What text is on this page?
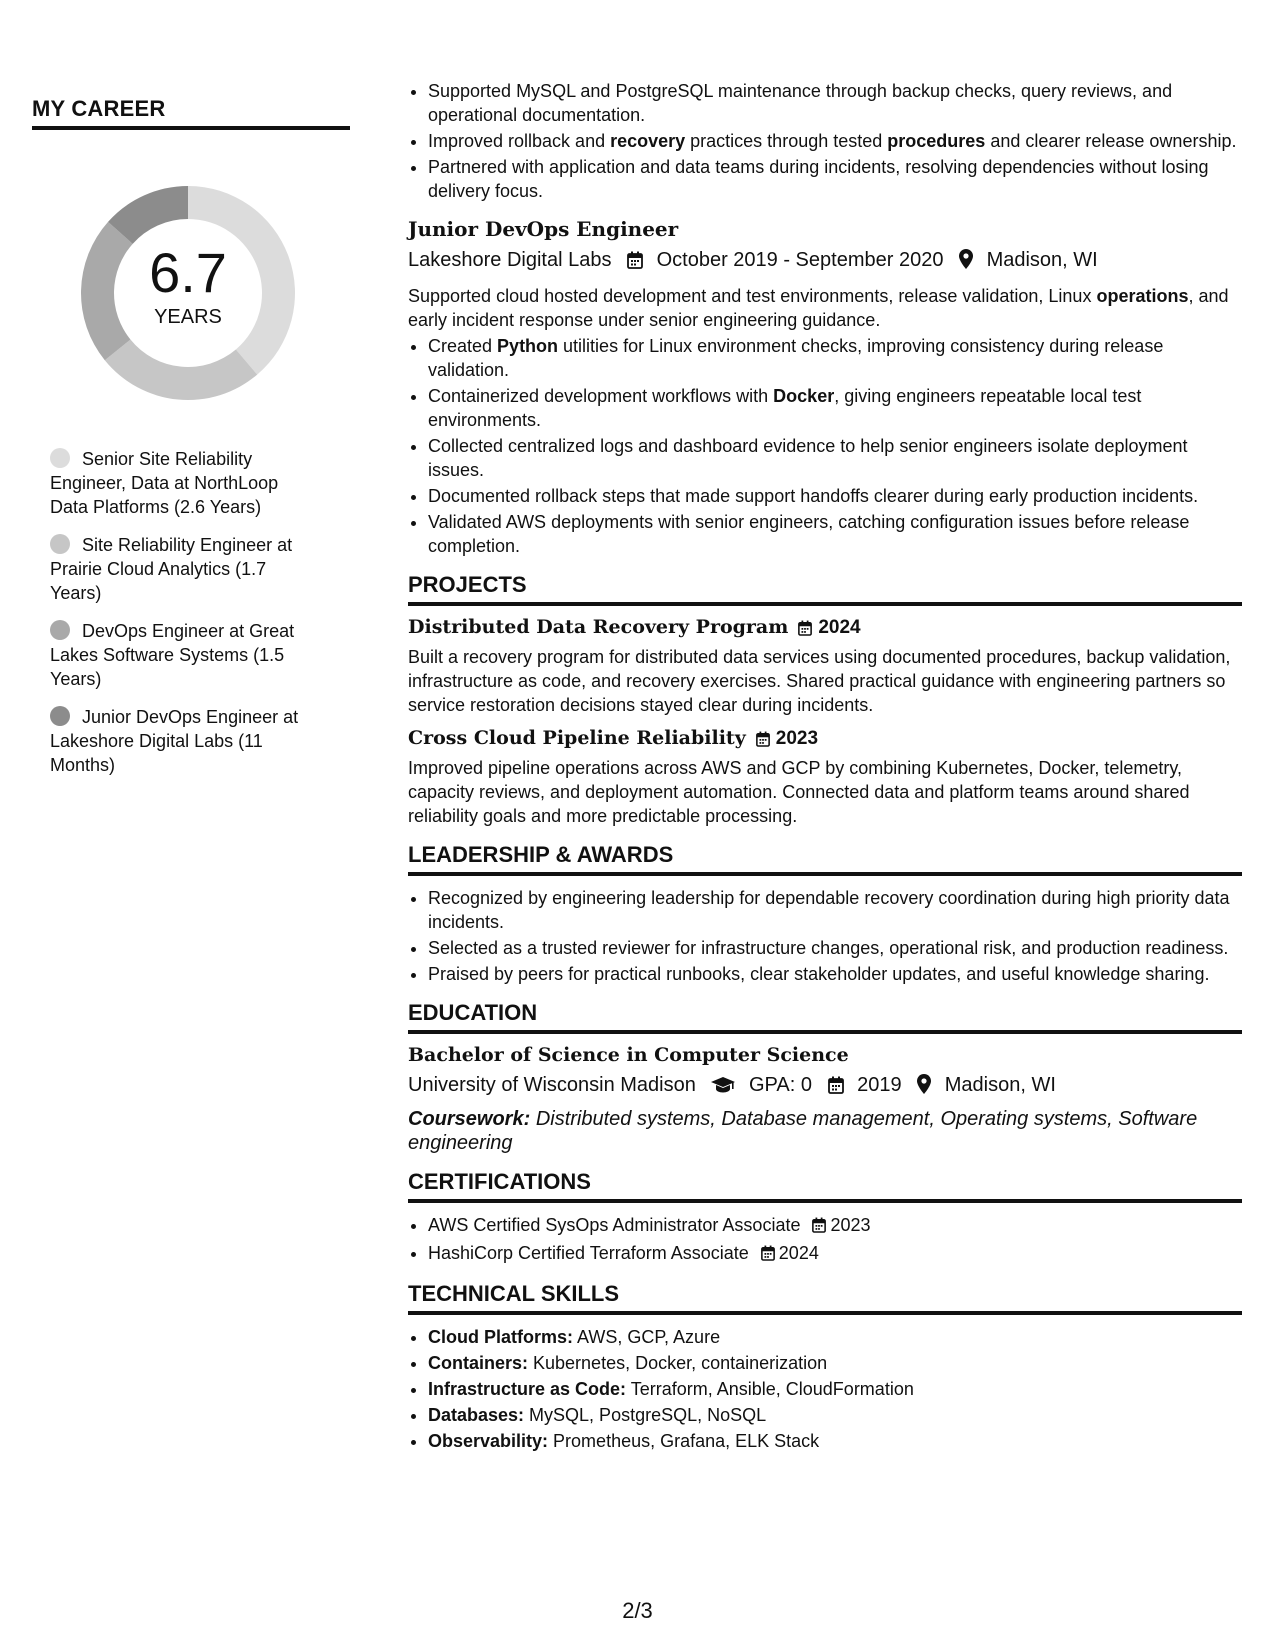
MY CAREER
6.7
YEARS
Senior Site Reliability Engineer, Data at NorthLoop Data Platforms (2.6 Years)
Site Reliability Engineer at Prairie Cloud Analytics (1.7 Years)
DevOps Engineer at Great Lakes Software Systems (1.5 Years)
Junior DevOps Engineer at Lakeshore Digital Labs (11 Months)
• Supported MySQL and PostgreSQL maintenance through backup checks, query reviews, and operational documentation.
• Improved rollback and recovery practices through tested procedures and clearer release ownership.
• Partnered with application and data teams during incidents, resolving dependencies without losing delivery focus.
Junior DevOps Engineer
Lakeshore Digital Labs October 2019 - September 2020 Madison, WI

Supported cloud hosted development and test environments, release validation, Linux operations, and early incident response under senior engineering guidance.

• Created Python utilities for Linux environment checks, improving consistency during release validation.
• Containerized development workflows with Docker, giving engineers repeatable local test environments.
• Collected centralized logs and dashboard evidence to help senior engineers isolate deployment issues.
• Documented rollback steps that made support handoffs clearer during early production incidents.
• Validated AWS deployments with senior engineers, catching configuration issues before release completion.
PROJECTS
Distributed Data Recovery Program 2024

Built a recovery program for distributed data services using documented procedures, backup validation, infrastructure as code, and recovery exercises. Shared practical guidance with engineering partners so service restoration decisions stayed clear during incidents.

Cross Cloud Pipeline Reliability 2023

Improved pipeline operations across AWS and GCP by combining Kubernetes, Docker, telemetry, capacity reviews, and deployment automation. Connected data and platform teams around shared reliability goals and more predictable processing.

LEADERSHIP & AWARDS
• Recognized by engineering leadership for dependable recovery coordination during high priority data incidents.
• Selected as a trusted reviewer for infrastructure changes, operational risk, and production readiness.
• Praised by peers for practical runbooks, clear stakeholder updates, and useful knowledge sharing.
EDUCATION
Bachelor of Science in Computer Science
University of Wisconsin Madison	GPA: 0 2019 Madison, WI
Coursework: Distributed systems, Database management, Operating systems, Software engineering
CERTIFICATIONS
• AWS Certified SysOps Administrator Associate 2023
• HashiCorp Certified Terraform Associate 2024
TECHNICAL SKILLS
• Cloud Platforms: AWS, GCP, Azure
• Containers: Kubernetes, Docker, containerization
• Infrastructure as Code: Terraform, Ansible, CloudFormation
• Databases: MySQL, PostgreSQL, NoSQL
• Observability: Prometheus, Grafana, ELK Stack
2/3
